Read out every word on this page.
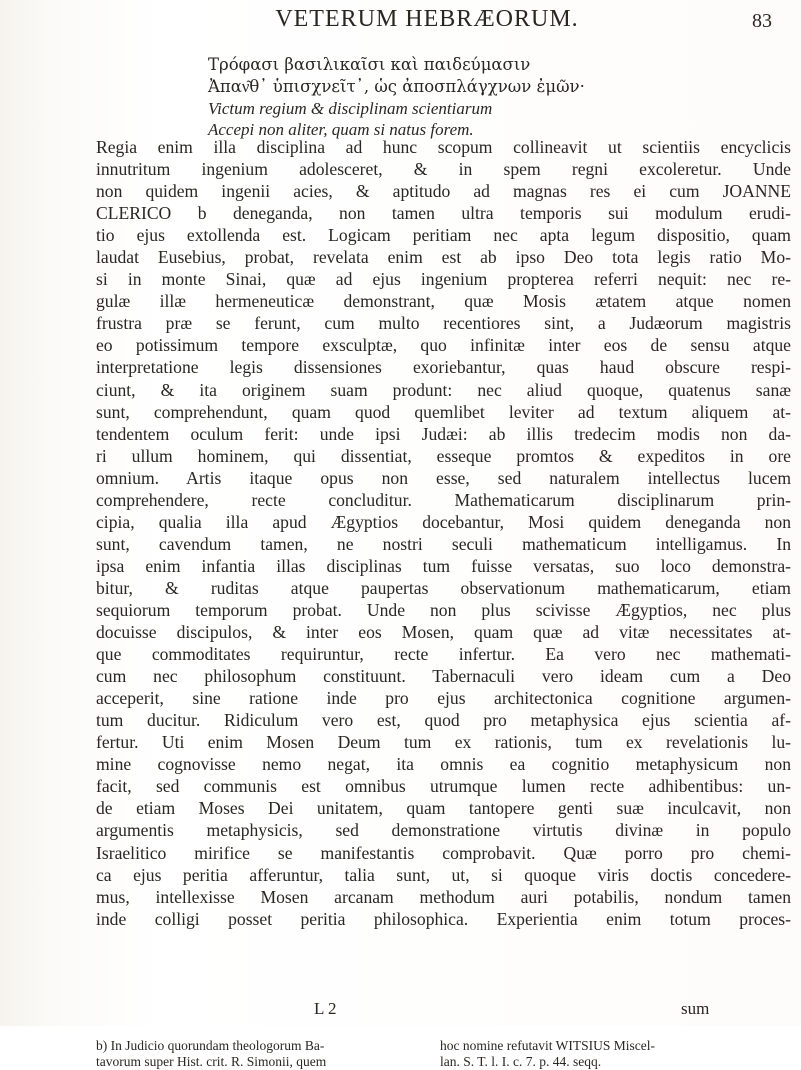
VETERUM HEBRÆORUM.	83
Τρόφασι βασιλικαῖσι καὶ παιδεύμασιν
Ἀπαν͂θ᾽ ὑπισχνεῖτ᾽, ὡς ἀποσπλάγχνων ἐμῶν·
Victum regium & disciplinam scientiarum
Accepi non aliter, quam si natus forem.
Regia enim illa disciplina ad hunc scopum collineavit ut scientiis encyclicis
innutritum ingenium adolesceret, & in spem regni excoleretur. Unde
non quidem ingenii acies, & aptitudo ad magnas res ei cum JOANNE
CLERICO b deneganda, non tamen ultra temporis sui modulum erudi-
tio ejus extollenda est. Logicam peritiam nec apta legum dispositio, quam
laudat Eusebius, probat, revelata enim est ab ipso Deo tota legis ratio Mo-
si in monte Sinai, quæ ad ejus ingenium propterea referri nequit: nec re-
gulæ illæ hermeneuticæ demonstrant, quæ Mosis ætatem atque nomen
frustra præ se ferunt, cum multo recentiores sint, a Judæorum magistris
eo potissimum tempore exsculptæ, quo infinitæ inter eos de sensu atque
interpretatione legis dissensiones exoriebantur, quas haud obscure respi-
ciunt, & ita originem suam produnt: nec aliud quoque, quatenus sanæ
sunt, comprehendunt, quam quod quemlibet leviter ad textum aliquem at-
tendentem oculum ferit: unde ipsi Judæi: ab illis tredecim modis non da-
ri ullum hominem, qui dissentiat, esseque promtos & expeditos in ore
omnium. Artis itaque opus non esse, sed naturalem intellectus lucem
comprehendere, recte concluditur. Mathematicarum disciplinarum prin-
cipia, qualia illa apud Ægyptios docebantur, Mosi quidem deneganda non
sunt, cavendum tamen, ne nostri seculi mathematicum intelligamus. In
ipsa enim infantia illas disciplinas tum fuisse versatas, suo loco demonstra-
bitur, & ruditas atque paupertas observationum mathematicarum, etiam
sequiorum temporum probat. Unde non plus scivisse Ægyptios, nec plus
docuisse discipulos, & inter eos Mosen, quam quæ ad vitæ necessitates at-
que commoditates requiruntur, recte infertur. Ea vero nec mathemati-
cum nec philosophum constituunt. Tabernaculi vero ideam cum a Deo
acceperit, sine ratione inde pro ejus architectonica cognitione argumen-
tum ducitur. Ridiculum vero est, quod pro metaphysica ejus scientia af-
fertur. Uti enim Mosen Deum tum ex rationis, tum ex revelationis lu-
mine cognovisse nemo negat, ita omnis ea cognitio metaphysicum non
facit, sed communis est omnibus utrumque lumen recte adhibentibus: un-
de etiam Moses Dei unitatem, quam tantopere genti suæ inculcavit, non
argumentis metaphysicis, sed demonstratione virtutis divinæ in populo
Israelitico mirifice se manifestantis comprobavit. Quæ porro pro chemi-
ca ejus peritia afferuntur, talia sunt, ut, si quoque viris doctis concedere-
mus, intellexisse Mosen arcanam methodum auri potabilis, nondum tamen
inde colligi posset peritia philosophica. Experientia enim totum proces-
L 2	sum
b) In Judicio quorundam theologorum Ba-
tavorum super Hist. crit. R. Simonii, quem
hoc nomine refutavit WITSIUS Miscel-
lan. S. T. l. I. c. 7. p. 44. seqq.
